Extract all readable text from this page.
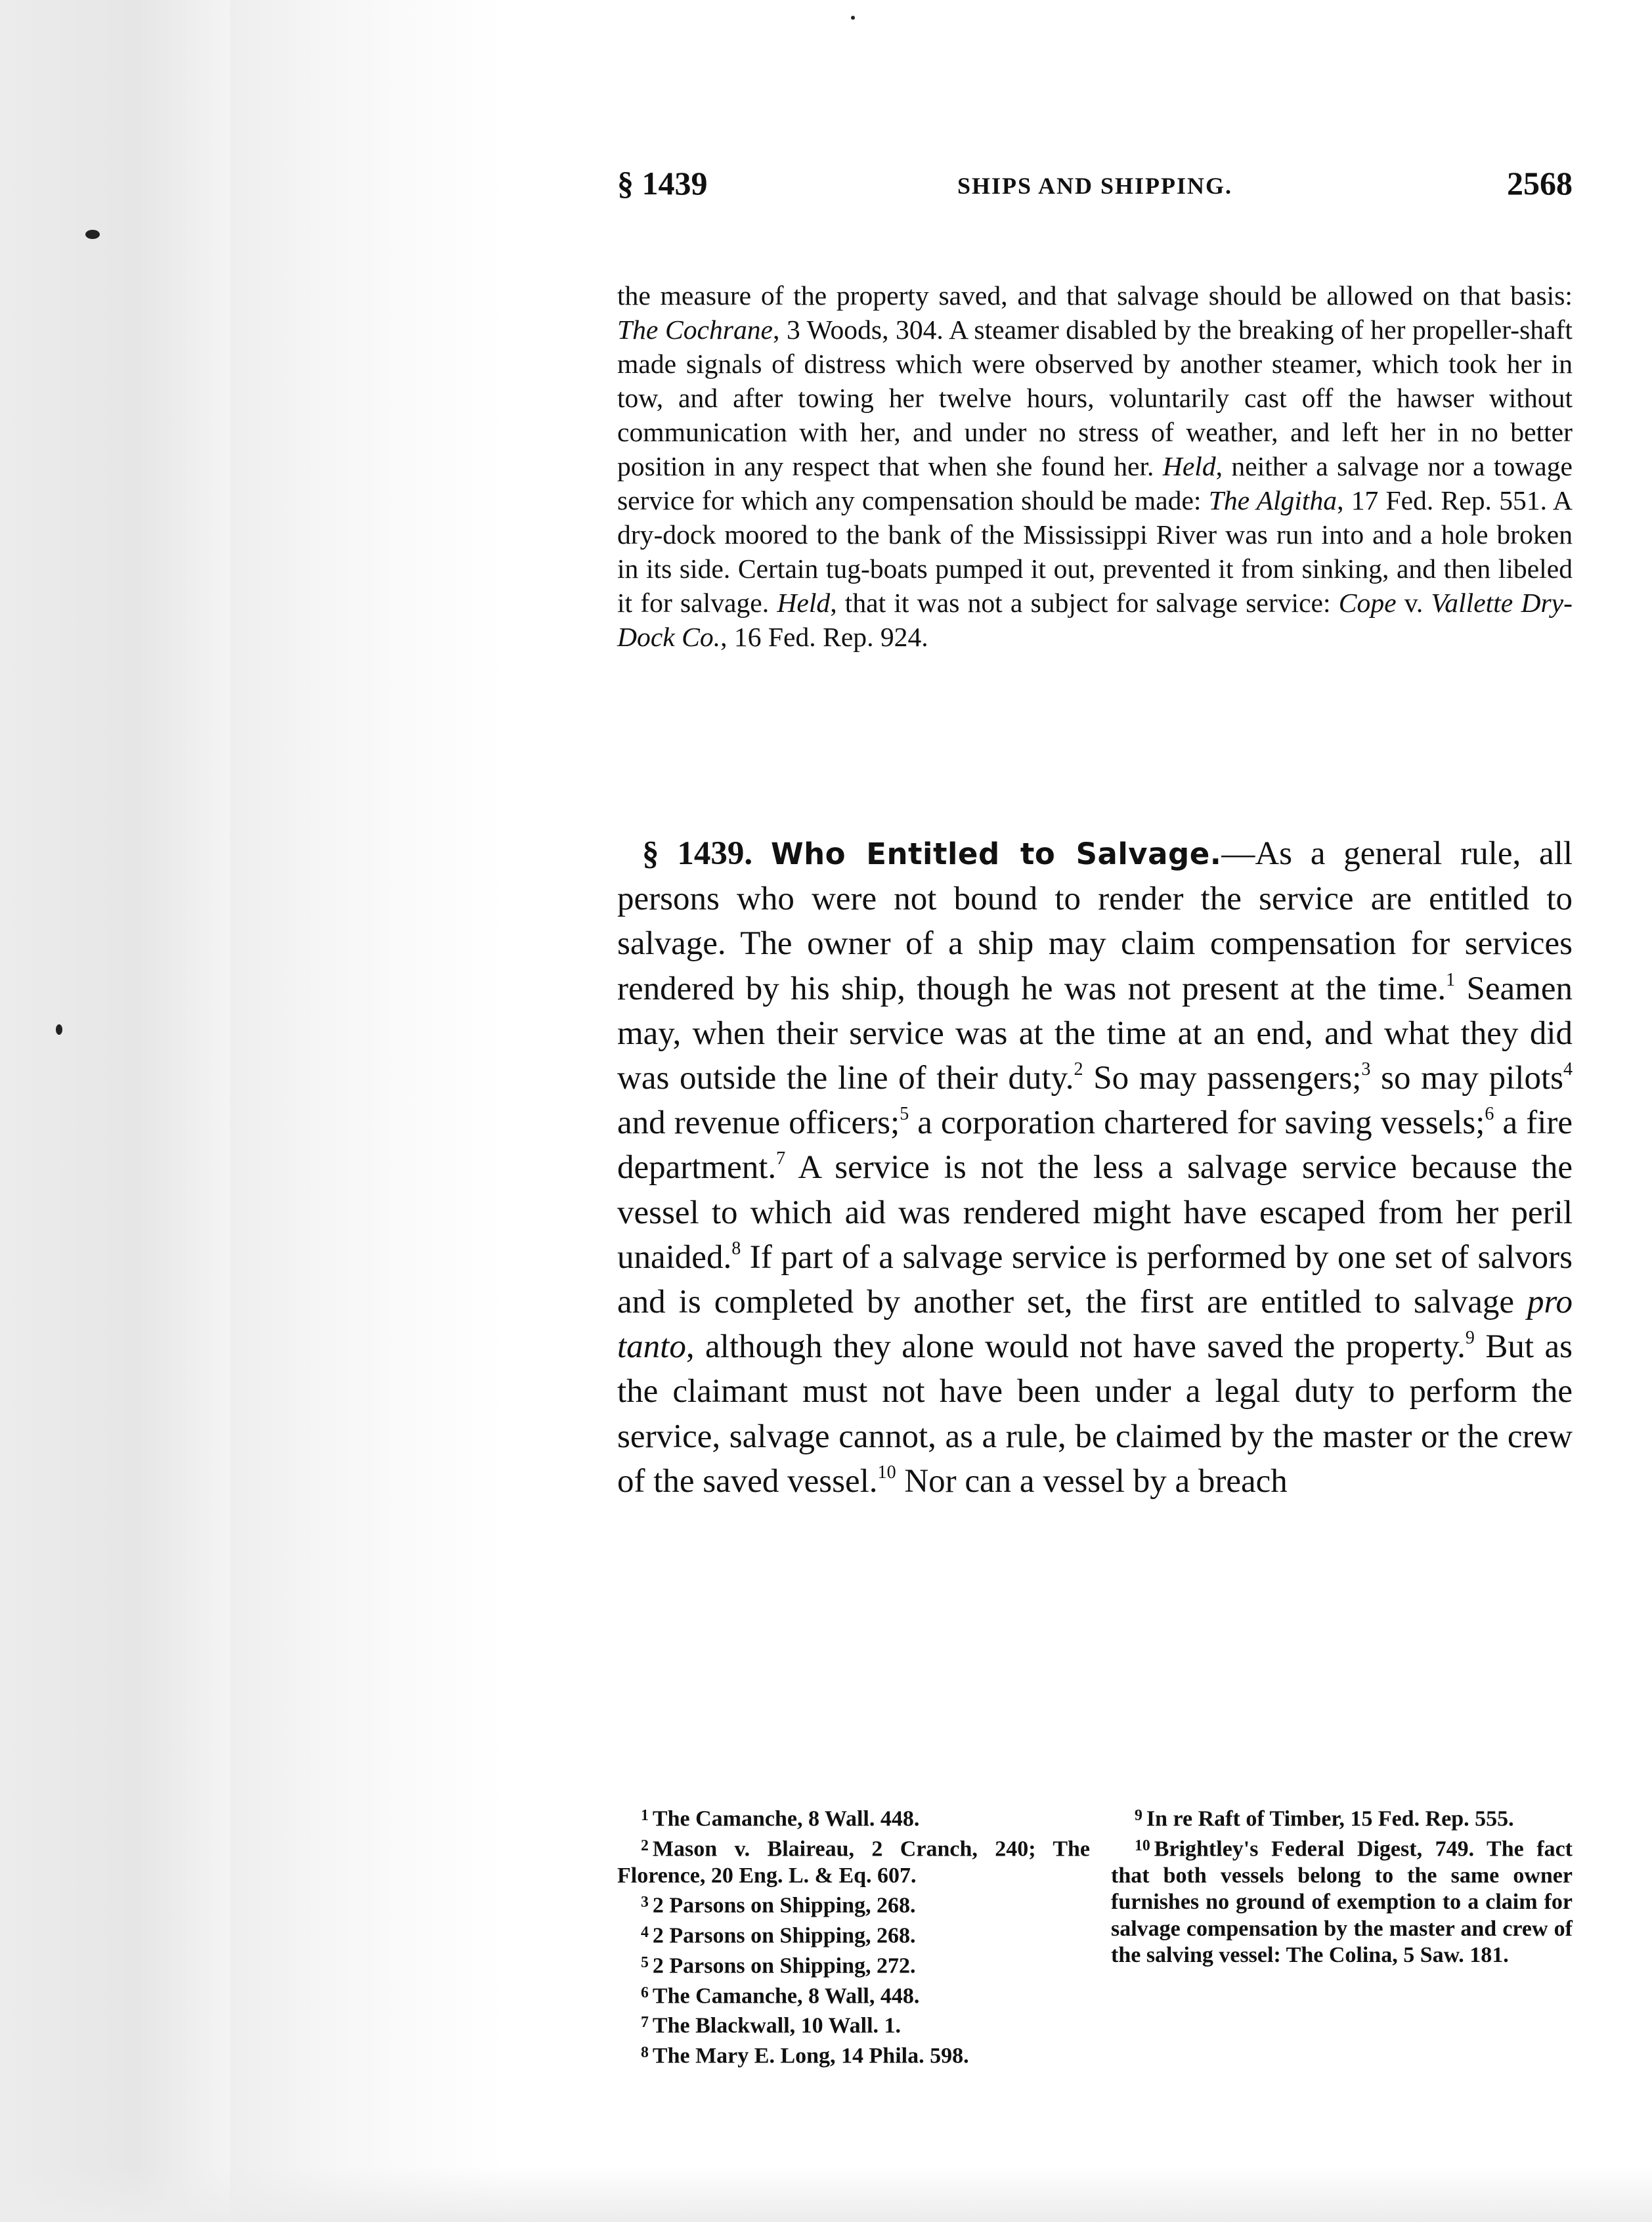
§ 1439	SHIPS AND SHIPPING.	2568

the measure of the property saved, and that salvage should be allowed on that basis: The Cochrane, 3 Woods, 304. A steamer disabled by the breaking of her propeller-shaft made signals of distress which were observed by another steamer, which took her in tow, and after towing her twelve hours, voluntarily cast off the hawser without communication with her, and under no stress of weather, and left her in no better position in any respect that when she found her. Held, neither a salvage nor a towage service for which any compensation should be made: The Algitha, 17 Fed. Rep. 551. A dry-dock moored to the bank of the Mississippi River was run into and a hole broken in its side. Certain tug-boats pumped it out, prevented it from sinking, and then libeled it for salvage. Held, that it was not a subject for salvage service: Cope v. Vallette Dry-Dock Co., 16 Fed. Rep. 924.

§ 1439. Who Entitled to Salvage.—As a general rule, all persons who were not bound to render the service are entitled to salvage. The owner of a ship may claim compensation for services rendered by his ship, though he was not present at the time.$^1$ Seamen may, when their service was at the time at an end, and what they did was outside the line of their duty.$^2$ So may passengers;$^3$ so may pilots$^4$ and revenue officers;$^5$ a corporation chartered for saving vessels;$^6$ a fire department.$^7$ A service is not the less a salvage service because the vessel to which aid was rendered might have escaped from her peril unaided.$^8$ If part of a salvage service is performed by one set of salvors and is completed by another set, the first are entitled to salvage pro tanto, although they alone would not have saved the property.$^9$ But as the claimant must not have been under a legal duty to perform the service, salvage cannot, as a rule, be claimed by the master or the crew of the saved vessel.$^{10}$ Nor can a vessel by a breach

$^1$ The Camanche, 8 Wall. 448.
$^2$ Mason v. Blaireau, 2 Cranch, 240; The Florence, 20 Eng. L. & Eq. 607.
$^3$ 2 Parsons on Shipping, 268.
$^4$ 2 Parsons on Shipping, 268.
$^5$ 2 Parsons on Shipping, 272.
$^6$ The Camanche, 8 Wall, 448.
$^7$ The Blackwall, 10 Wall. 1.
$^8$ The Mary E. Long, 14 Phila. 598.
$^9$ In re Raft of Timber, 15 Fed. Rep. 555.
$^{10}$ Brightley's Federal Digest, 749. The fact that both vessels belong to the same owner furnishes no ground of exemption to a claim for salvage compensation by the master and crew of the salving vessel: The Colina, 5 Saw. 181.
